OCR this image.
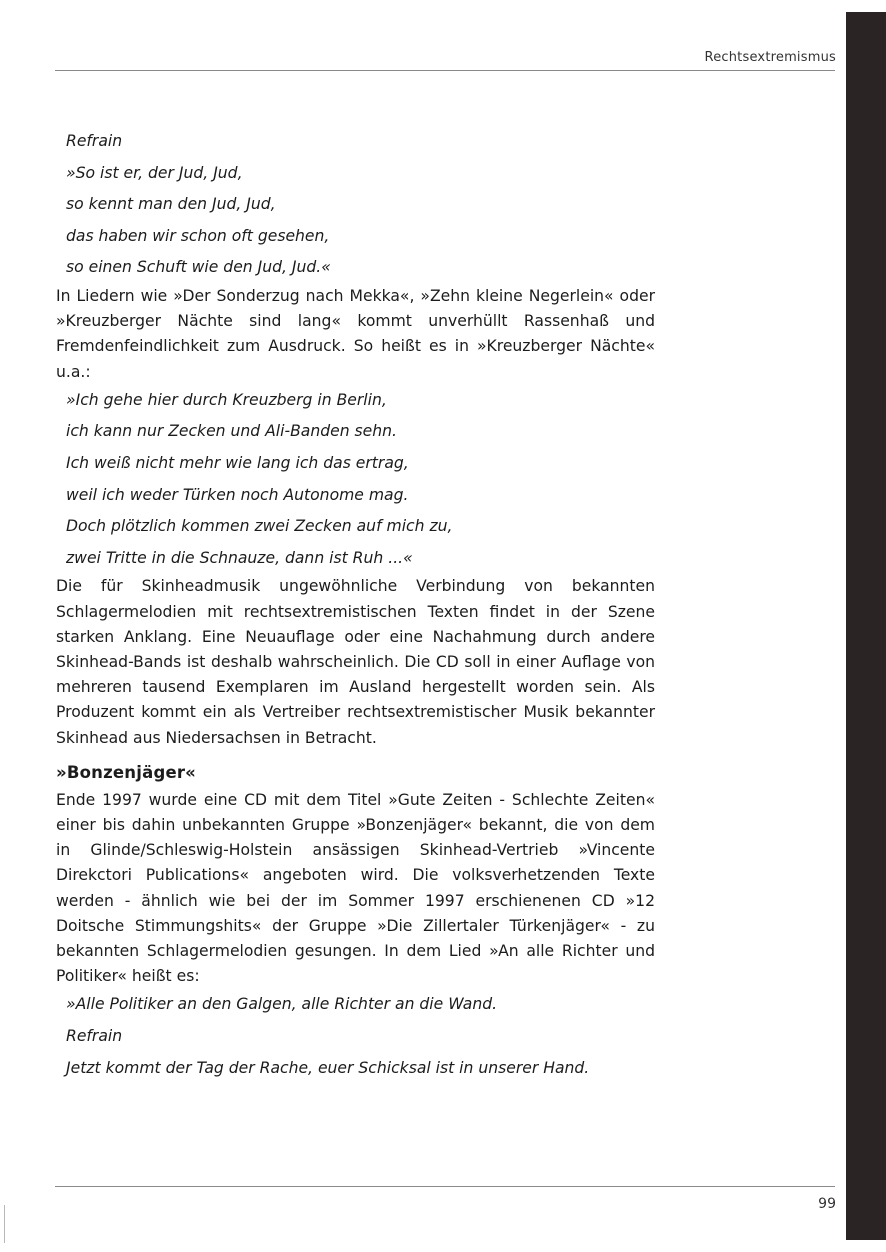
Rechtsextremismus
Refrain
»So ist er, der Jud, Jud,
so kennt man den Jud, Jud,
das haben wir schon oft gesehen,
so einen Schuft wie den Jud, Jud.«

In Liedern wie »Der Sonderzug nach Mekka«, »Zehn kleine Negerlein« oder »Kreuzberger Nächte sind lang« kommt unverhüllt Rassenhaß und Fremdenfeindlichkeit zum Ausdruck. So heißt es in »Kreuzberger Nächte« u.a.:

»Ich gehe hier durch Kreuzberg in Berlin,
ich kann nur Zecken und Ali-Banden sehn.
Ich weiß nicht mehr wie lang ich das ertrag,
weil ich weder Türken noch Autonome mag.
Doch plötzlich kommen zwei Zecken auf mich zu,
zwei Tritte in die Schnauze, dann ist Ruh ...«

Die für Skinheadmusik ungewöhnliche Verbindung von bekannten Schlagermelodien mit rechtsextremistischen Texten findet in der Szene starken Anklang. Eine Neuauflage oder eine Nachahmung durch andere Skinhead-Bands ist deshalb wahrscheinlich. Die CD soll in einer Auflage von mehreren tausend Exemplaren im Ausland hergestellt worden sein. Als Produzent kommt ein als Vertreiber rechtsextremistischer Musik bekannter Skinhead aus Niedersachsen in Betracht.

»Bonzenjäger«

Ende 1997 wurde eine CD mit dem Titel »Gute Zeiten - Schlechte Zeiten« einer bis dahin unbekannten Gruppe »Bonzenjäger« bekannt, die von dem in Glinde/Schleswig-Holstein ansässigen Skinhead-Vertrieb »Vincente Direkctori Publications« angeboten wird. Die volksverhetzenden Texte werden - ähnlich wie bei der im Sommer 1997 erschienenen CD »12 Doitsche Stimmungshits« der Gruppe »Die Zillertaler Türkenjäger« - zu bekannten Schlagermelodien gesungen. In dem Lied »An alle Richter und Politiker« heißt es:

»Alle Politiker an den Galgen, alle Richter an die Wand.
Refrain
Jetzt kommt der Tag der Rache, euer Schicksal ist in unserer Hand.
99
